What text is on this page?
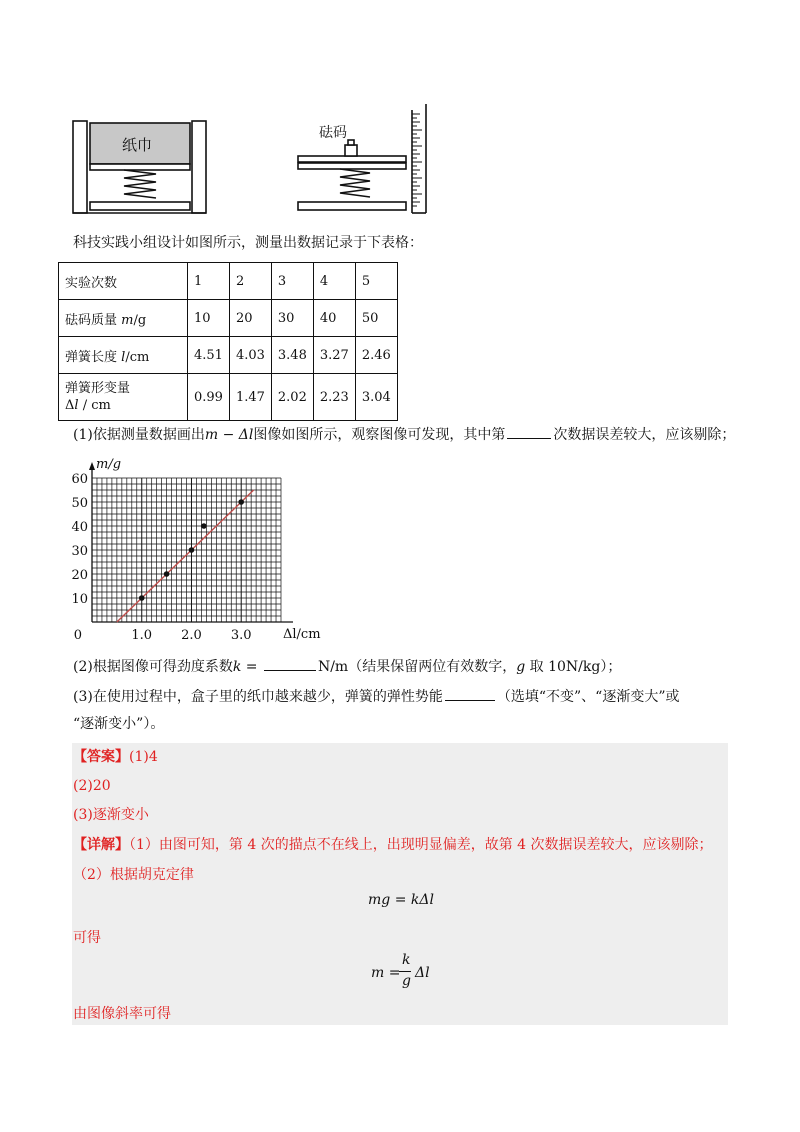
纸巾
砝码
科技实践小组设计如图所示，测量出数据记录于下表格：
实验次数	1	2	3	4	5
砝码质量 m/g	10	20	30	40	50
弹簧长度 l/cm	4.51	4.03	3.48	3.27	2.46
弹簧形变量
Δl / cm	0.99	1.47	2.02	2.23	3.04
(1)依据测量数据画出m − Δl图像如图所示，观察图像可发现，其中第	次数据误差较大，应该剔除；
10
20
30
40
50
60
1.0 2.0 3.0
0
m/g
Δl/cm
(2)根据图像可得劲度系数k =	N/m（结果保留两位有效数字，g 取 10N/kg）；
(3)在使用过程中，盒子里的纸巾越来越少，弹簧的弹性势能	（选填“不变”、“逐渐变大”或
“逐渐变小”）。
【答案】(1)4
(2)20
(3)逐渐变小
【详解】（1）由图可知，第 4 次的描点不在线上，出现明显偏差，故第 4 次数据误差较大，应该剔除；
（2）根据胡克定律
mg = kΔl
可得
m =
k
g Δl
由图像斜率可得
